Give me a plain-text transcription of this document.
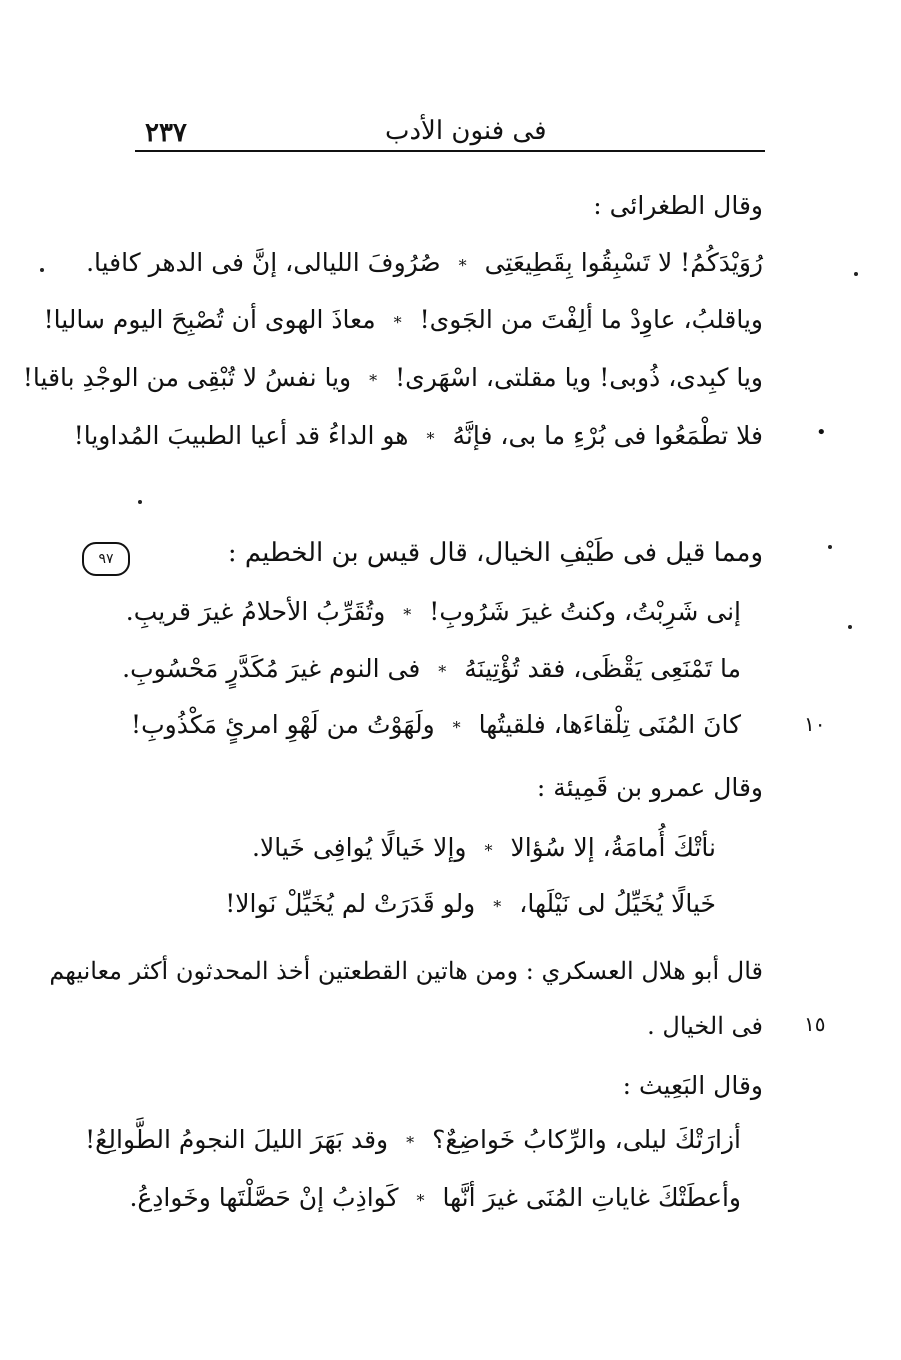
٢٣٧	فى فنون الأدب
وقال الطغرائى :
رُوَيْدَكُمُ! لا تَسْبِقُوا بِقَطِيعَتِى
*
صُرُوفَ الليالى، إنَّ فى الدهر كافيا.
وياقلبُ، عاوِدْ ما ألِفْتَ من الجَوى!
*
معاذَ الهوى أن تُصْبِحَ اليوم ساليا!
ويا كبِدى، ذُوبى! ويا مقلتى، اسْهَرى!
*
ويا نفسُ لا تُبْقِى من الوجْدِ باقيا!
فلا تطْمَعُوا فى بُرْءِ ما بى، فإنَّهُ
*
هو الداءُ قد أعيا الطبيبَ المُداويا!	•
٩٧	ومما قيل فى طَيْفِ الخيال، قال قيس بن الخطيم :
إنى شَرِبْتُ، وكنتُ غيرَ شَرُوبِ!
*
وتُقَرِّبُ الأحلامُ غيرَ قريبِ.
ما تَمْنَعِى يَقْظَى، فقد تُؤْتِينَهُ
*
فى النوم غيرَ مُكَدَّرٍ مَحْسُوبِ.
كانَ المُنَى تِلْقاءَها، فلقيتُها
*
ولَهَوْتُ من لَهْوِ امرئٍ مَكْذُوبِ!	١٠
وقال عمرو بن قَمِيئة :
نأتْكَ أُمامَةُ، إلا سُؤالا
*
وإلا خَيالًا يُوافِى خَيالا.
خَيالًا يُخَيِّلُ لى نَيْلَها،
*
ولو قَدَرَتْ لم يُخَيِّلْ نَوالا!
قال أبو هلال العسكري : ومن هاتين القطعتين أخذ المحدثون أكثر معانيهم
فى الخيال . ١٥
وقال البَعِيث :
أزارَتْكَ ليلى، والرِّكابُ خَواضِعٌ؟
*
وقد بَهَرَ الليلَ النجومُ الطَّوالِعُ!
وأعطَتْكَ غاياتِ المُنَى غيرَ أنَّها
*
كَواذِبُ إنْ حَصَّلْتَها وخَوادِعُ.
